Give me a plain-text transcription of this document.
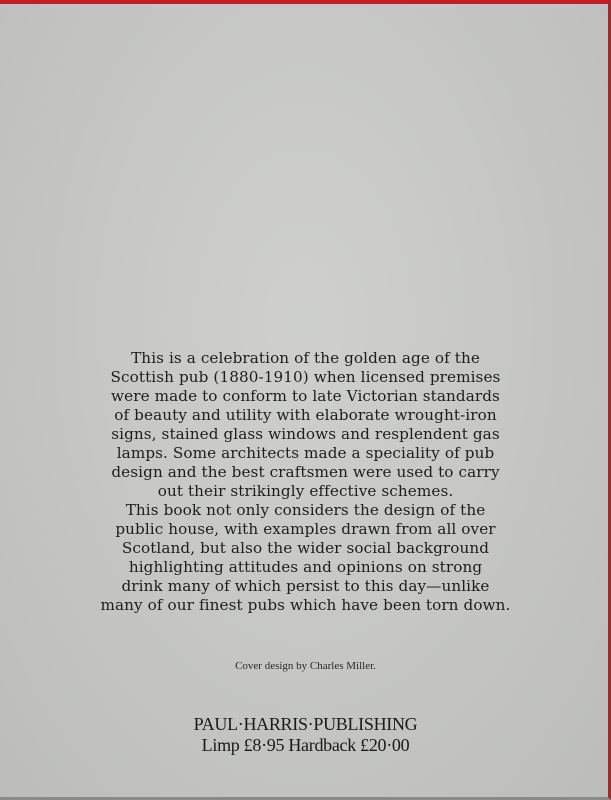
This is a celebration of the golden age of the
Scottish pub (1880-1910) when licensed premises
were made to conform to late Victorian standards
of beauty and utility with elaborate wrought-iron
signs, stained glass windows and resplendent gas
lamps. Some architects made a speciality of pub
design and the best craftsmen were used to carry
out their strikingly effective schemes.

This book not only considers the design of the
public house, with examples drawn from all over
Scotland, but also the wider social background
highlighting attitudes and opinions on strong
drink many of which persist to this day—unlike
many of our finest pubs which have been torn down.

Cover design by Charles Miller.
PAUL·HARRIS·PUBLISHING
Limp £8·95 Hardback £20·00
